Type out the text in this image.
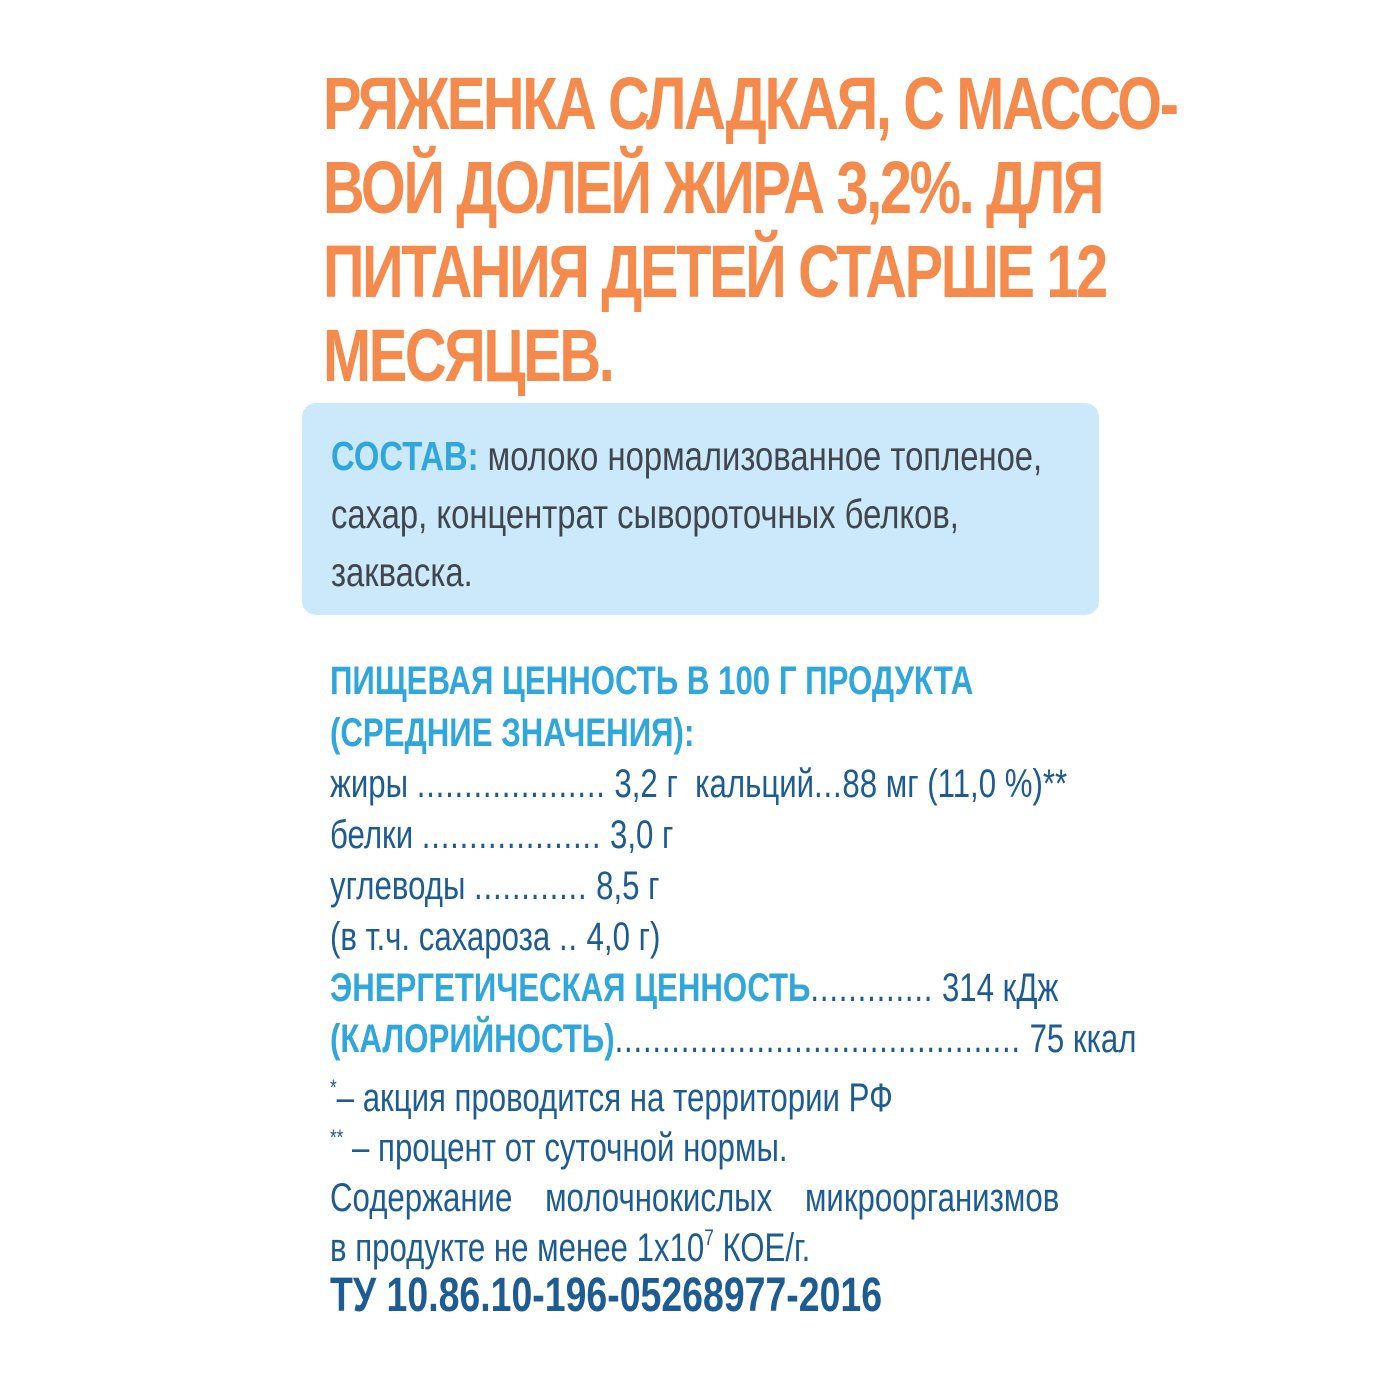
РЯЖЕНКА СЛАДКАЯ, С МАССО-
ВОЙ ДОЛЕЙ ЖИРА 3,2%. ДЛЯ
ПИТАНИЯ ДЕТЕЙ СТАРШЕ 12
МЕСЯЦЕВ.
СОСТАВ: молоко нормализованное топленое,
сахар, концентрат сывороточных белков,
закваска.
ПИЩЕВАЯ ЦЕННОСТЬ В 100 Г ПРОДУКТА
(СРЕДНИЕ ЗНАЧЕНИЯ):
жиры .................... 3,2 г кальций...88 мг (11,0 %)**
белки ................... 3,0 г
углеводы ............ 8,5 г
(в т.ч. сахароза .. 4,0 г)
ЭНЕРГЕТИЧЕСКАЯ ЦЕННОСТЬ............. 314 кДж
(КАЛОРИЙНОСТЬ)........................................... 75 ккал
*– акция проводится на территории РФ
** – процент от суточной нормы.
Содержание молочнокислых микроорганизмов
в продукте не менее $1х10^7$ КОЕ/г.
ТУ 10.86.10-196-05268977-2016
